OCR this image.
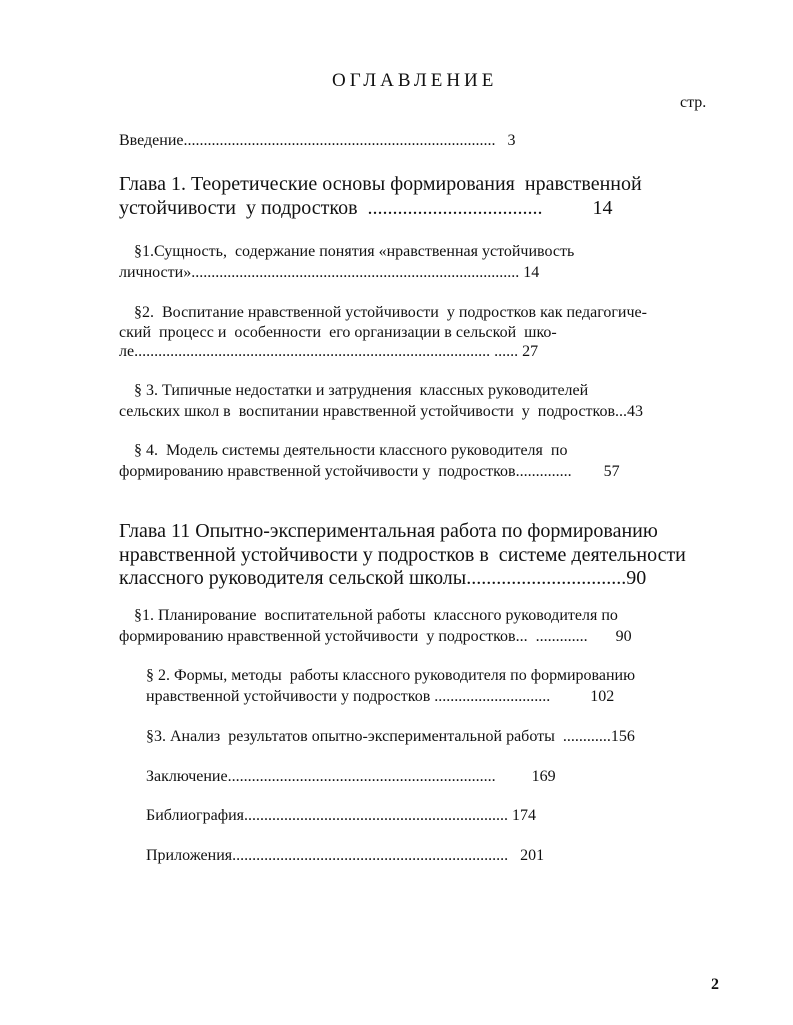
ОГЛАВЛЕНИЕ
стр.
Введение..............................................................................   3
Глава 1. Теоретические основы формирования  нравственной
устойчивости  у подростков  ...................................          14
§1.Сущность,  содержание понятия «нравственная устойчивость
личности».................................................................................. 14
§2.  Воспитание нравственной устойчивости  у подростков как педагогиче-
ский  процесс и  особенности  его организации в сельской  шко-
ле......................................................................................... ...... 27
§ 3. Типичные недостатки и затруднения  классных руководителей
сельских школ в  воспитании нравственной устойчивости  у  подростков...43
§ 4.  Модель системы деятельности классного руководителя  по
формированию нравственной устойчивости у  подростков..............        57
Глава 11 Опытно-экспериментальная работа по формированию
нравственной устойчивости у подростков в  системе деятельности
классного руководителя сельской школы................................90
§1. Планирование  воспитательной работы  классного руководителя по
формированию нравственной устойчивости  у подростков...  .............       90
§ 2. Формы, методы  работы классного руководителя по формированию
нравственной устойчивости у подростков .............................          102
§3. Анализ  результатов опытно-экспериментальной работы  ............156
Заключение...................................................................         169
Библиография.................................................................. 174
Приложения.....................................................................   201
2
